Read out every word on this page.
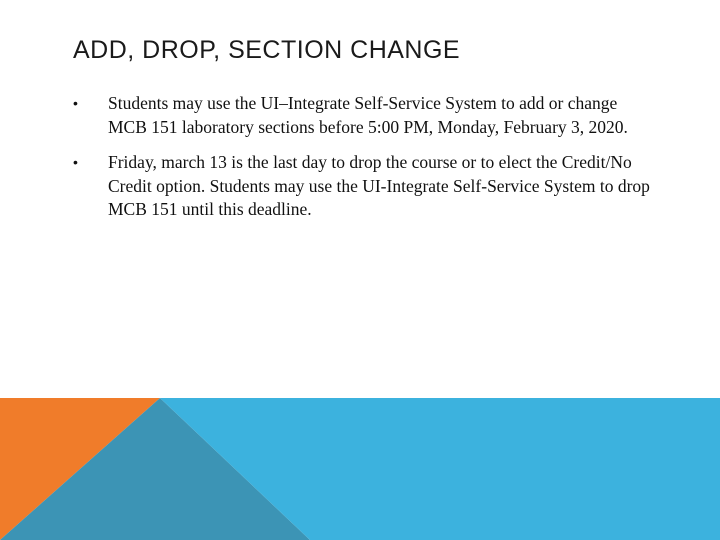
ADD, DROP, SECTION CHANGE
• Students may use the UI–Integrate Self-Service System to add or change MCB 151 laboratory sections before 5:00 PM, Monday, February 3, 2020.
• Friday, march 13 is the last day to drop the course or to elect the Credit/No Credit option. Students may use the UI-Integrate Self-Service System to drop MCB 151 until this deadline.
